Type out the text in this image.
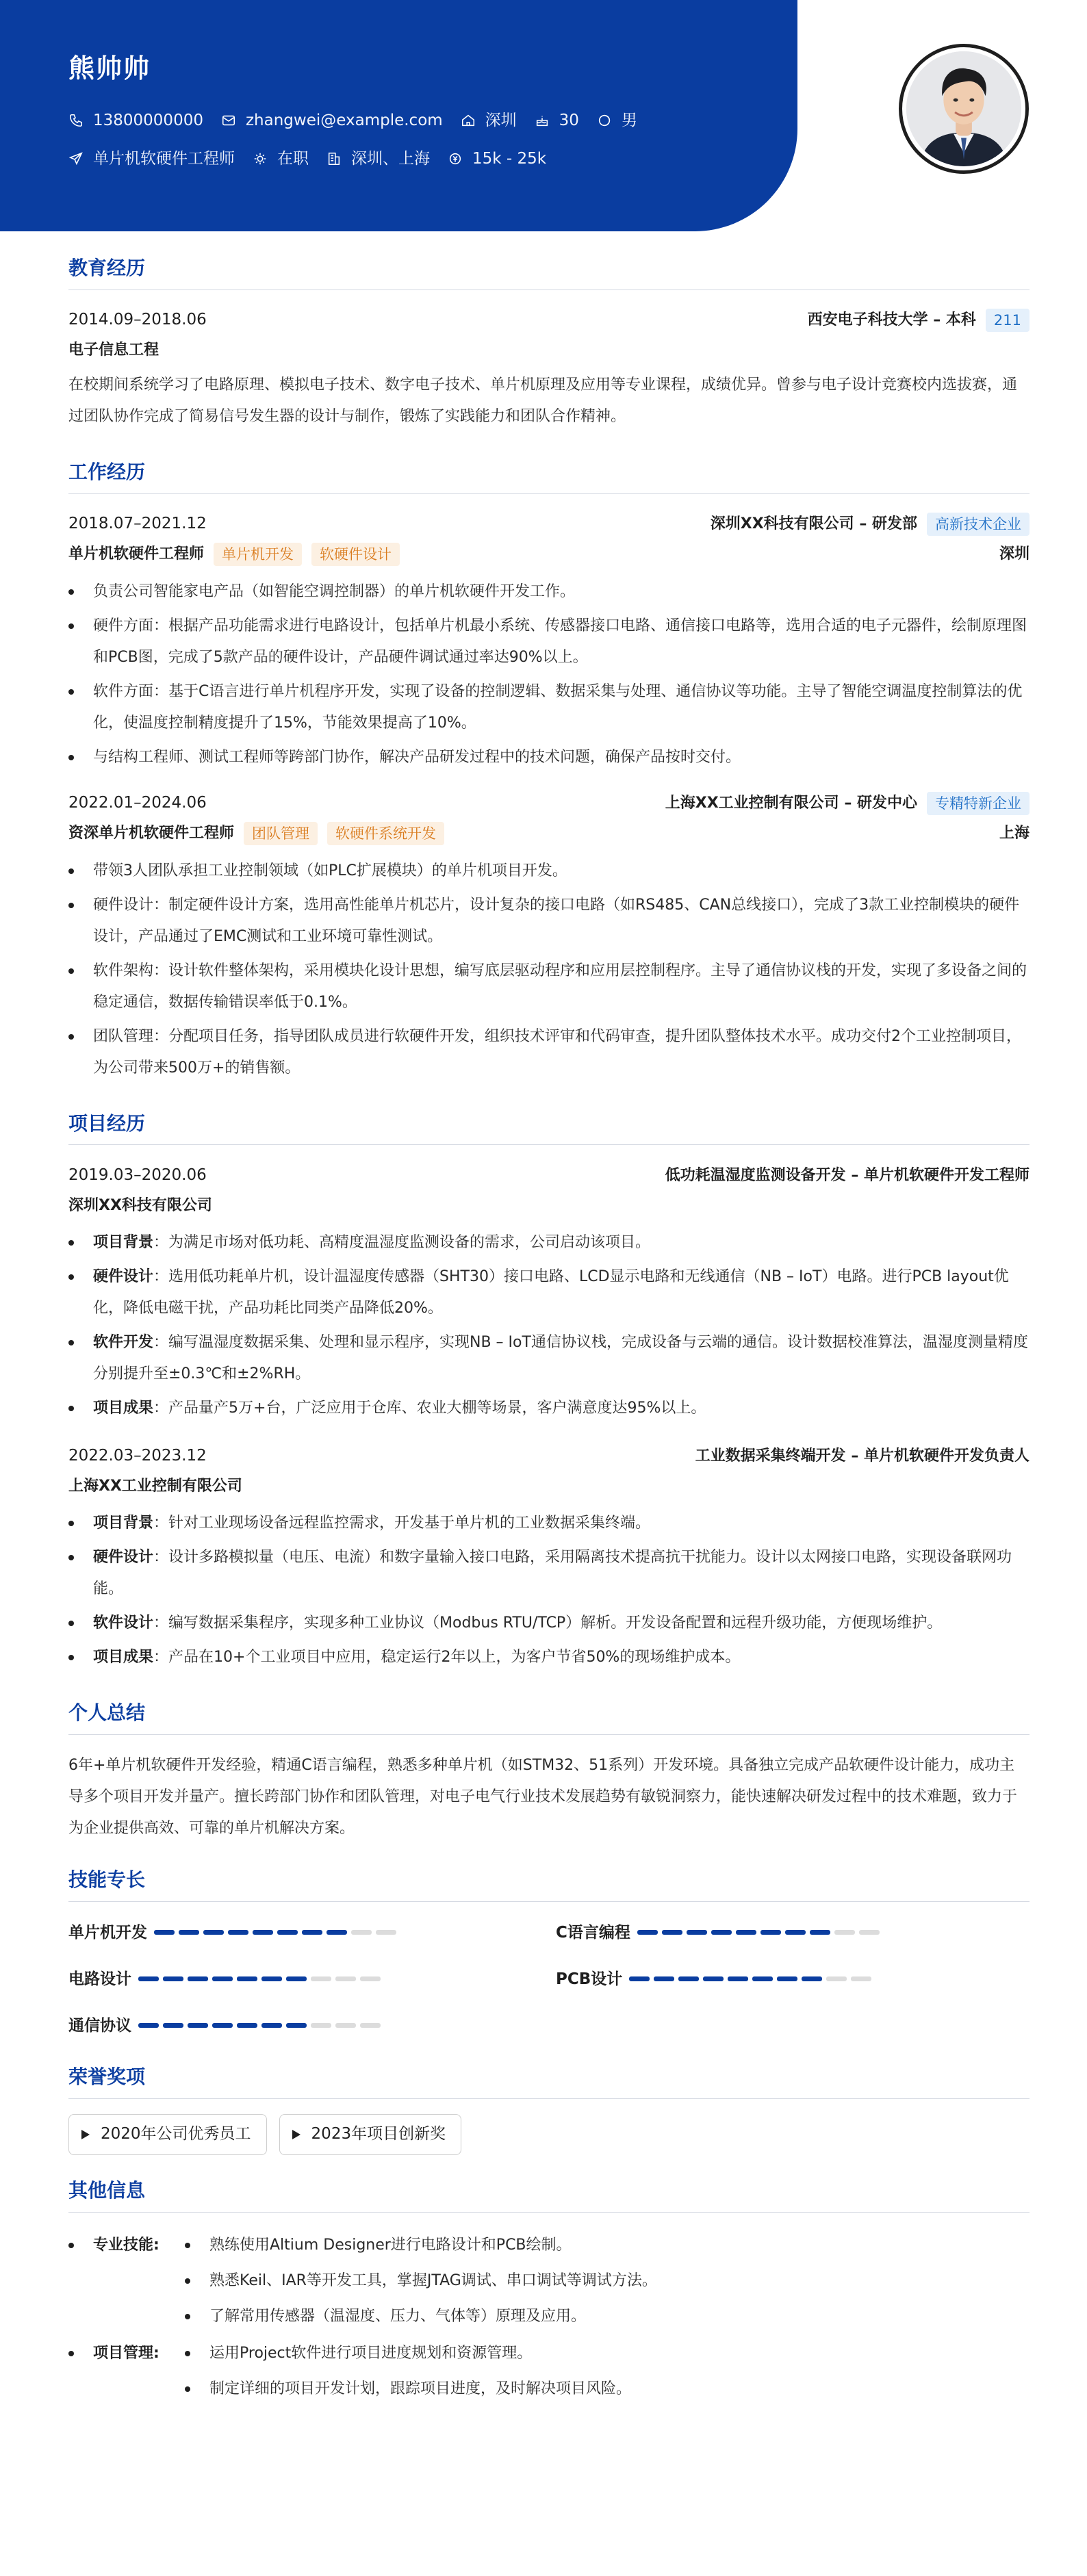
熊帅帅
13800000000	zhangwei@example.com	深圳	30	男
单片机软硬件工程师	在职	深圳、上海	15k - 25k
教育经历
2014.09–2018.06	西安电子科技大学 – 本科	211
电子信息工程
在校期间系统学习了电路原理、模拟电子技术、数字电子技术、单片机原理及应用等专业课程，成绩优异。曾参与电子设计竞赛校内选拔赛，通过团队协作完成了简易信号发生器的设计与制作，锻炼了实践能力和团队合作精神。
工作经历
2018.07–2021.12	深圳XX科技有限公司 – 研发部	高新技术企业
单片机软硬件工程师	单片机开发	软硬件设计	深圳
负责公司智能家电产品（如智能空调控制器）的单片机软硬件开发工作。
硬件方面：根据产品功能需求进行电路设计，包括单片机最小系统、传感器接口电路、通信接口电路等，选用合适的电子元器件，绘制原理图和PCB图，完成了5款产品的硬件设计，产品硬件调试通过率达90%以上。
软件方面：基于C语言进行单片机程序开发，实现了设备的控制逻辑、数据采集与处理、通信协议等功能。主导了智能空调温度控制算法的优化，使温度控制精度提升了15%，节能效果提高了10%。
与结构工程师、测试工程师等跨部门协作，解决产品研发过程中的技术问题，确保产品按时交付。
2022.01–2024.06	上海XX工业控制有限公司 – 研发中心	专精特新企业
资深单片机软硬件工程师	团队管理	软硬件系统开发	上海
带领3人团队承担工业控制领域（如PLC扩展模块）的单片机项目开发。
硬件设计：制定硬件设计方案，选用高性能单片机芯片，设计复杂的接口电路（如RS485、CAN总线接口），完成了3款工业控制模块的硬件设计，产品通过了EMC测试和工业环境可靠性测试。
软件架构：设计软件整体架构，采用模块化设计思想，编写底层驱动程序和应用层控制程序。主导了通信协议栈的开发，实现了多设备之间的稳定通信，数据传输错误率低于0.1%。
团队管理：分配项目任务，指导团队成员进行软硬件开发，组织技术评审和代码审查，提升团队整体技术水平。成功交付2个工业控制项目，为公司带来500万+的销售额。
项目经历
2019.03–2020.06	低功耗温湿度监测设备开发 – 单片机软硬件开发工程师
深圳XX科技有限公司
项目背景：为满足市场对低功耗、高精度温湿度监测设备的需求，公司启动该项目。
硬件设计：选用低功耗单片机，设计温湿度传感器（SHT30）接口电路、LCD显示电路和无线通信（NB – IoT）电路。进行PCB layout优化，降低电磁干扰，产品功耗比同类产品降低20%。
软件开发：编写温湿度数据采集、处理和显示程序，实现NB – IoT通信协议栈，完成设备与云端的通信。设计数据校准算法，温湿度测量精度分别提升至±0.3℃和±2%RH。
项目成果：产品量产5万+台，广泛应用于仓库、农业大棚等场景，客户满意度达95%以上。
2022.03–2023.12	工业数据采集终端开发 – 单片机软硬件开发负责人
上海XX工业控制有限公司
项目背景：针对工业现场设备远程监控需求，开发基于单片机的工业数据采集终端。
硬件设计：设计多路模拟量（电压、电流）和数字量输入接口电路，采用隔离技术提高抗干扰能力。设计以太网接口电路，实现设备联网功能。
软件设计：编写数据采集程序，实现多种工业协议（Modbus RTU/TCP）解析。开发设备配置和远程升级功能，方便现场维护。
项目成果：产品在10+个工业项目中应用，稳定运行2年以上，为客户节省50%的现场维护成本。
个人总结
6年+单片机软硬件开发经验，精通C语言编程，熟悉多种单片机（如STM32、51系列）开发环境。具备独立完成产品软硬件设计能力，成功主导多个项目开发并量产。擅长跨部门协作和团队管理，对电子电气行业技术发展趋势有敏锐洞察力，能快速解决研发过程中的技术难题，致力于为企业提供高效、可靠的单片机解决方案。
技能专长
单片机开发	C语言编程
电路设计	PCB设计
通信协议
荣誉奖项
2020年公司优秀员工	2023年项目创新奖
其他信息
专业技能:	熟练使用Altium Designer进行电路设计和PCB绘制。
熟悉Keil、IAR等开发工具，掌握JTAG调试、串口调试等调试方法。
了解常用传感器（温湿度、压力、气体等）原理及应用。
项目管理:	运用Project软件进行项目进度规划和资源管理。
制定详细的项目开发计划，跟踪项目进度，及时解决项目风险。
